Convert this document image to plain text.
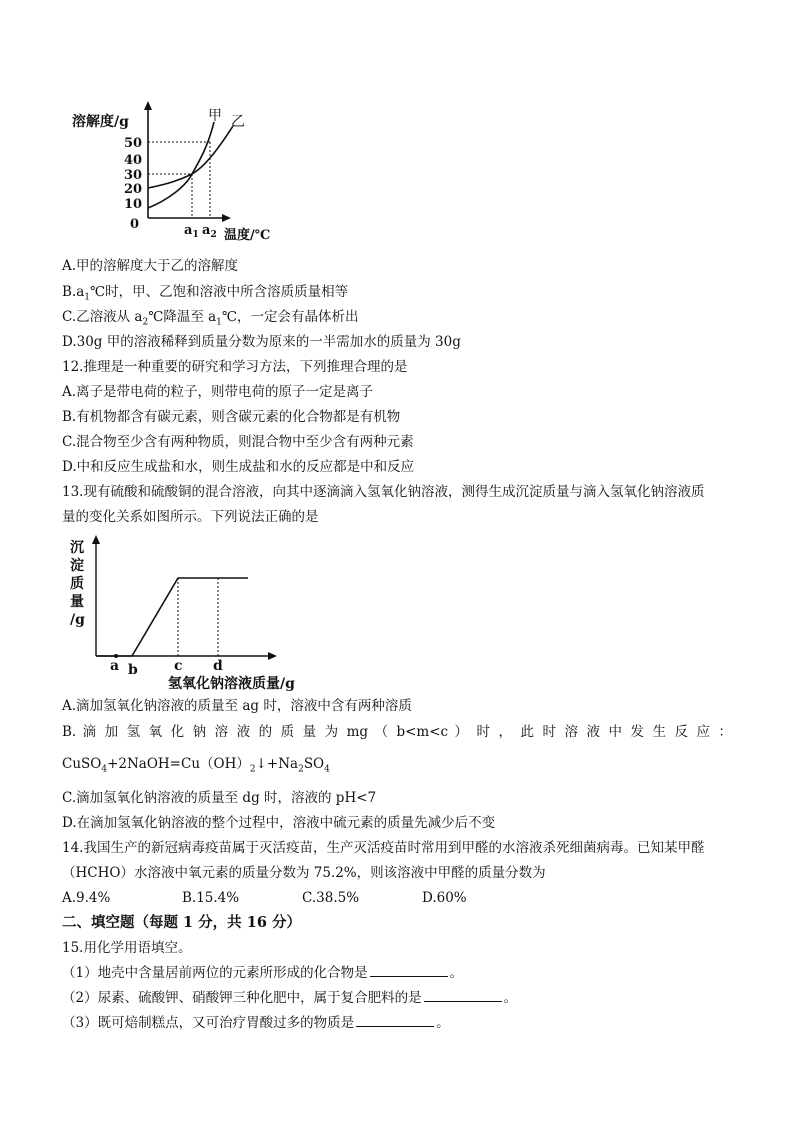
溶解度/g
50
40
30
20
10
0
甲 乙
$a_1$ $a_2$ 温度/℃
A.甲的溶解度大于乙的溶解度
$B.a_1℃$时，甲、乙饱和溶液中所含溶质质量相等
C.乙溶液从 $a_2℃$降温至 $a_1℃$，一定会有晶体析出
D.30g 甲的溶液稀释到质量分数为原来的一半需加水的质量为 30g
12.推理是一种重要的研究和学习方法，下列推理合理的是
A.离子是带电荷的粒子，则带电荷的原子一定是离子
B.有机物都含有碳元素，则含碳元素的化合物都是有机物
C.混合物至少含有两种物质，则混合物中至少含有两种元素
D.中和反应生成盐和水，则生成盐和水的反应都是中和反应
13.现有硫酸和硫酸铜的混合溶液，向其中逐滴滴入氢氧化钠溶液，测得生成沉淀质量与滴入氢氧化钠溶液质
量的变化关系如图所示。下列说法正确的是
沉
淀
质
量
/g
a b	c d
氢氧化钠溶液质量/g
A.滴加氢氧化钠溶液的质量至 ag 时，溶液中含有两种溶质
B. 滴 加 氢 氧 化 钠 溶 液 的 质 量 为 mg （ b<m<c ） 时 ， 此 时 溶 液 中 发 生 反 应 ：
$CuSO_4+2NaOH=Cu(OH)_2↓+Na_2SO_4$
C.滴加氢氧化钠溶液的质量至 dg 时，溶液的 pH<7
D.在滴加氢氧化钠溶液的整个过程中，溶液中硫元素的质量先减少后不变
14.我国生产的新冠病毒疫苗属于灭活疫苗，生产灭活疫苗时常用到甲醛的水溶液杀死细菌病毒。已知某甲醛
（HCHO）水溶液中氧元素的质量分数为 75.2%，则该溶液中甲醛的质量分数为
A.9.4%	B.15.4%	C.38.5%	D.60%
二、填空题（每题 1 分，共 16 分）
15.用化学用语填空。
（1）地壳中含量居前两位的元素所形成的化合物是	。
（2）尿素、硫酸钾、硝酸钾三种化肥中，属于复合肥料的是	。
（3）既可焙制糕点，又可治疗胃酸过多的物质是	。
